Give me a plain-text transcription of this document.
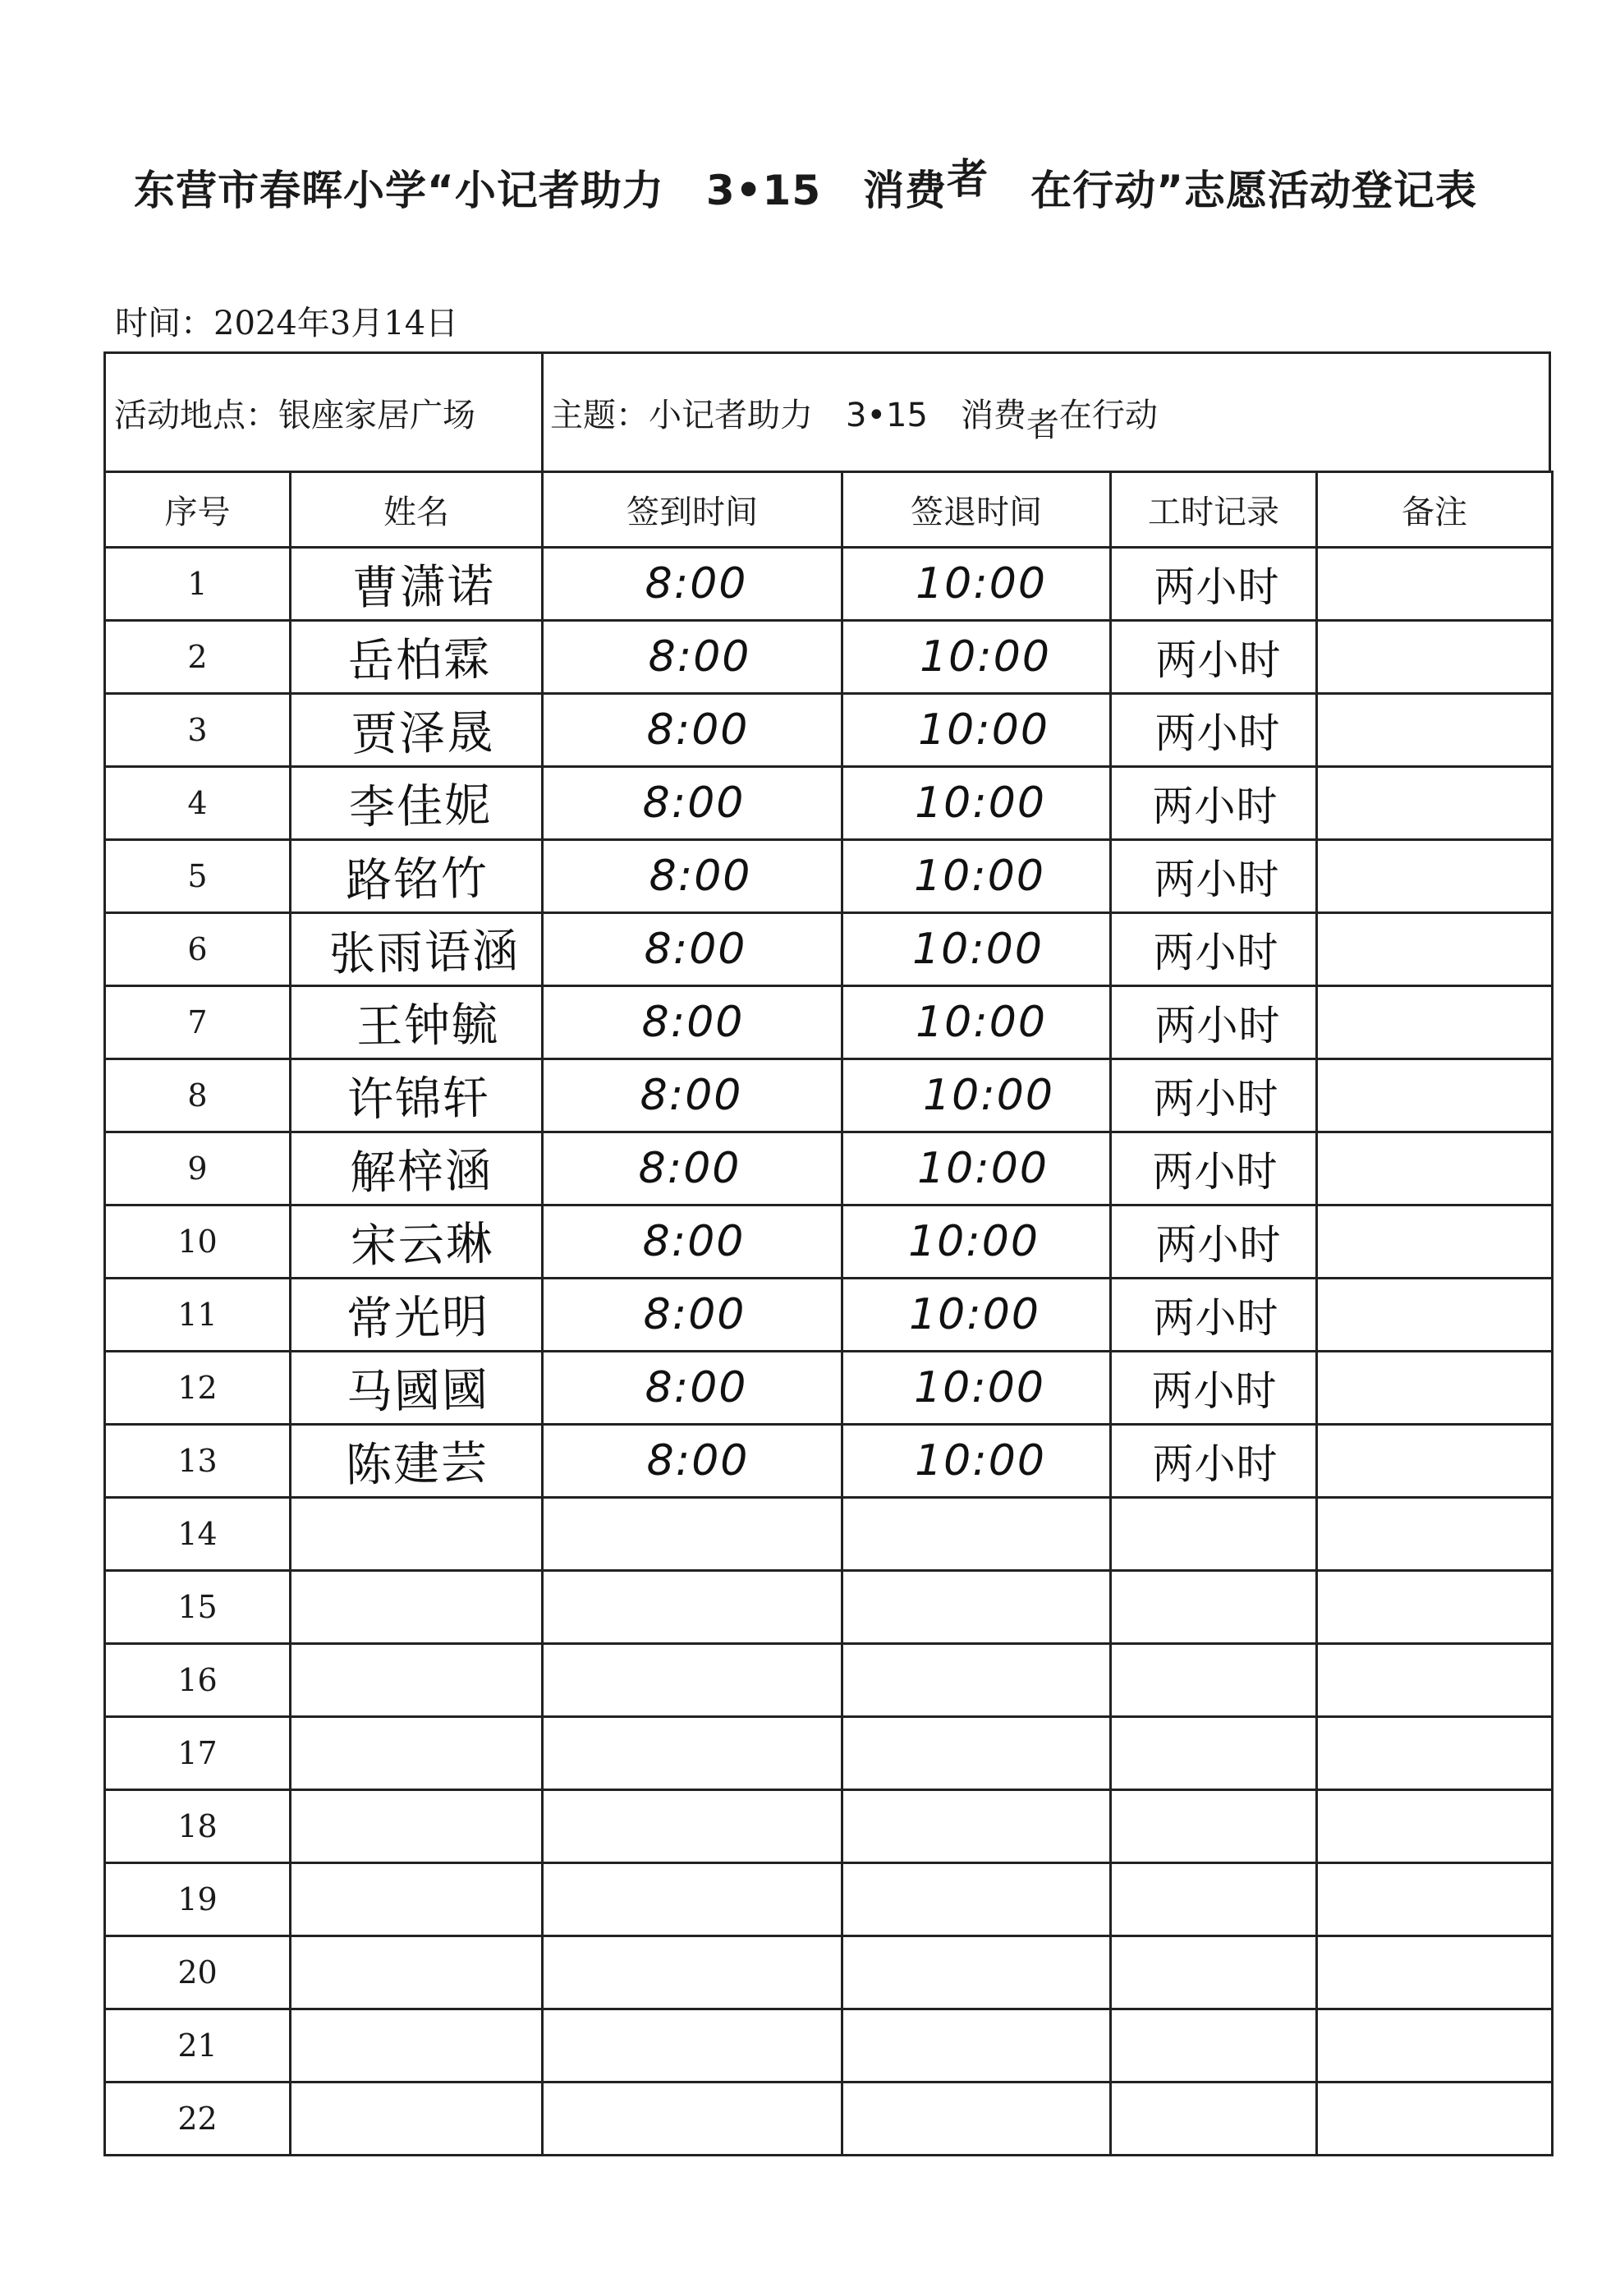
东营市春晖小学“小记者助力　3•15　消费者　在行动”志愿活动登记表
时间：2024年3月14日
活动地点： 银座家居广场 主题： 小记者助力　3•15　消费 者 在行动
序号	姓名	签到时间	签退时间	工时记录	备注
1	曹潇诺	8:00	10:00	两小时	
2	岳柏霖	8:00	10:00	两小时	
3	贾泽晟	8:00	10:00	两小时	
4	李佳妮	8:00	10:00	两小时	
5	路铭竹	8:00	10:00	两小时	
6	张雨语涵	8:00	10:00	两小时	
7	王钟毓	8:00	10:00	两小时	
8	许锦轩	8:00	10:00	两小时	
9	解梓涵	8:00	10:00	两小时	
10	宋云琳	8:00	10:00	两小时	
11	常光明	8:00	10:00	两小时	
12	马國國	8:00	10:00	两小时	
13	陈建芸	8:00	10:00	两小时	
14					
15					
16					
17					
18					
19					
20					
21					
22					
